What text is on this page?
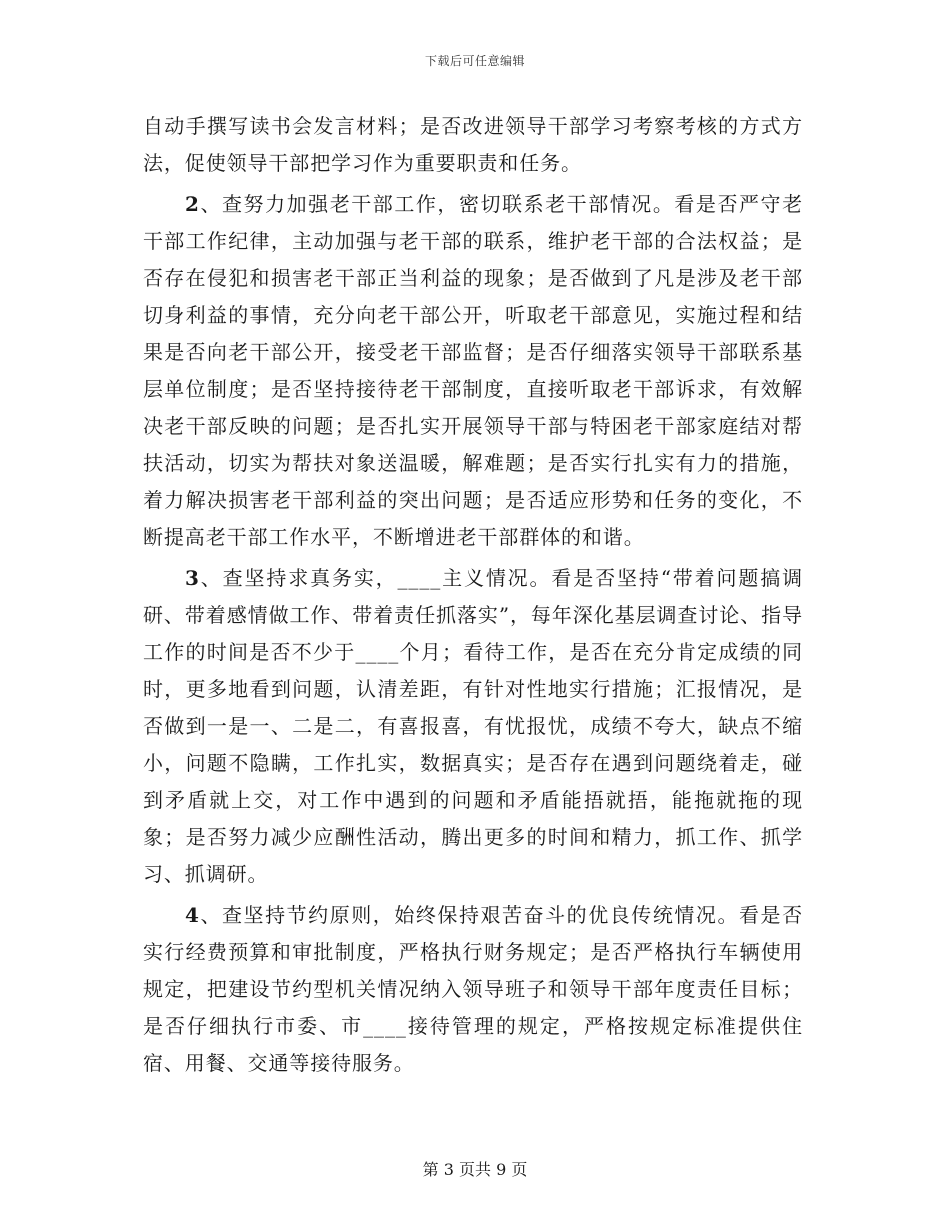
下载后可任意编辑

自动手撰写读书会发言材料；是否改进领导干部学习考察考核的方式方法，促使领导干部把学习作为重要职责和任务。

2、查努力加强老干部工作，密切联系老干部情况。看是否严守老干部工作纪律，主动加强与老干部的联系，维护老干部的合法权益；是否存在侵犯和损害老干部正当利益的现象；是否做到了凡是涉及老干部切身利益的事情，充分向老干部公开，听取老干部意见，实施过程和结果是否向老干部公开，接受老干部监督；是否仔细落实领导干部联系基层单位制度；是否坚持接待老干部制度，直接听取老干部诉求，有效解决老干部反映的问题；是否扎实开展领导干部与特困老干部家庭结对帮扶活动，切实为帮扶对象送温暖，解难题；是否实行扎实有力的措施，着力解决损害老干部利益的突出问题；是否适应形势和任务的变化，不断提高老干部工作水平，不断增进老干部群体的和谐。

3、查坚持求真务实，____主义情况。看是否坚持“带着问题搞调研、带着感情做工作、带着责任抓落实”，每年深化基层调查讨论、指导工作的时间是否不少于____个月；看待工作，是否在充分肯定成绩的同时，更多地看到问题，认清差距，有针对性地实行措施；汇报情况，是否做到一是一、二是二，有喜报喜，有忧报忧，成绩不夸大，缺点不缩小，问题不隐瞒，工作扎实，数据真实；是否存在遇到问题绕着走，碰到矛盾就上交，对工作中遇到的问题和矛盾能捂就捂，能拖就拖的现象；是否努力减少应酬性活动，腾出更多的时间和精力，抓工作、抓学习、抓调研。

4、查坚持节约原则，始终保持艰苦奋斗的优良传统情况。看是否实行经费预算和审批制度，严格执行财务规定；是否严格执行车辆使用规定，把建设节约型机关情况纳入领导班子和领导干部年度责任目标；是否仔细执行市委、市____接待管理的规定，严格按规定标准提供住宿、用餐、交通等接待服务。

第 3 页共 9 页
